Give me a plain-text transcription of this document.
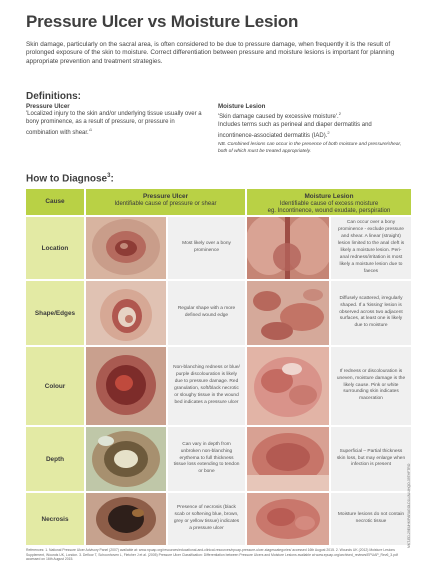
Pressure Ulcer vs Moisture Lesion
Skin damage, particularly on the sacral area, is often considered to be due to pressure damage, when frequently it is the result of prolonged exposure of the skin to moisture. Correct differentiation between pressure and moisture lesions is important for planning appropriate prevention and treatment strategies.
Definitions:
Pressure Ulcer
'Localized injury to the skin and/or underlying tissue usually over a bony prominence, as a result of pressure, or pressure in combination with $shear.'^1$
Moisture Lesion
'Skin damage caused by excessive moisture'.$^2$
Includes terms such as perineal and diaper dermatitis and incontinence-associated dermatitis (IAD).$^2$
NB. Combined lesions can occur in the presence of both moisture and pressure/shear, both of which must be treated appropriately.
How to Diagnose$^3$:
Cause
Pressure Ulcer
Identifiable cause of pressure or shear
Moisture Lesion
Identifiable cause of excess moisture
eg. Incontinence, wound exudate, perspiration
Location
Most likely over a bony prominence
Can occur over a bony prominence - exclude pressure and shear. A linear (straight) lesion limited to the anal cleft is likely a moisture lesion. Peri-anal redness/irritation is most likely a moisture lesion due to faeces
Shape/Edges
Regular shape with a more defined wound edge
Diffusely scattered, irregularly shaped. If a 'kissing' lesion is observed across two adjacent surfaces, at least one is likely due to moisture
Colour
Non-blanching redness or blue/ purple discolouration is likely due to pressure damage. Red granulation, soft/black necrotic or sloughy tissue in the wound bed indicates a pressure ulcer
If redness or discolouration is uneven, moisture damage is the likely cause. Pink or white surrounding skin indicates maceration
Depth
Can vary in depth from unbroken non-blanching erythema to full thickness tissue loss extending to tendon or bone
Superficial – Partial thickness skin loss, but may enlarge when infection is present
Necrosis
Presence of necrosis (black scab or softening blue, brown, grey or yellow tissue) indicates a pressure ulcer
Moisture lesions do not contain necrotic tissue
References: 1. National Pressure Ulcer Advisory Panel (2007) available at: www.npuap.org/resources/educational-and-clinical-resources/npuap-pressure-ulcer-stagescategories/ accessed 16th August 2015. 2. Wounds UK (2012) Moisture Lesions Supplement, Wounds UK, London. 3. Defloor T, Schoonhoven L, Fletcher J et al. (2005) Pressure Ulcer Classification: Differentiation between Pressure Ulcers and Moisture Lesions available at www.epuap.org/archived_reviews/EPUAP_Rev6_3.pdf accessed on 16th August 2015.
MKT-ED-29EUHK/PARAGOLD1L/ALUHQO-39THFTRO
